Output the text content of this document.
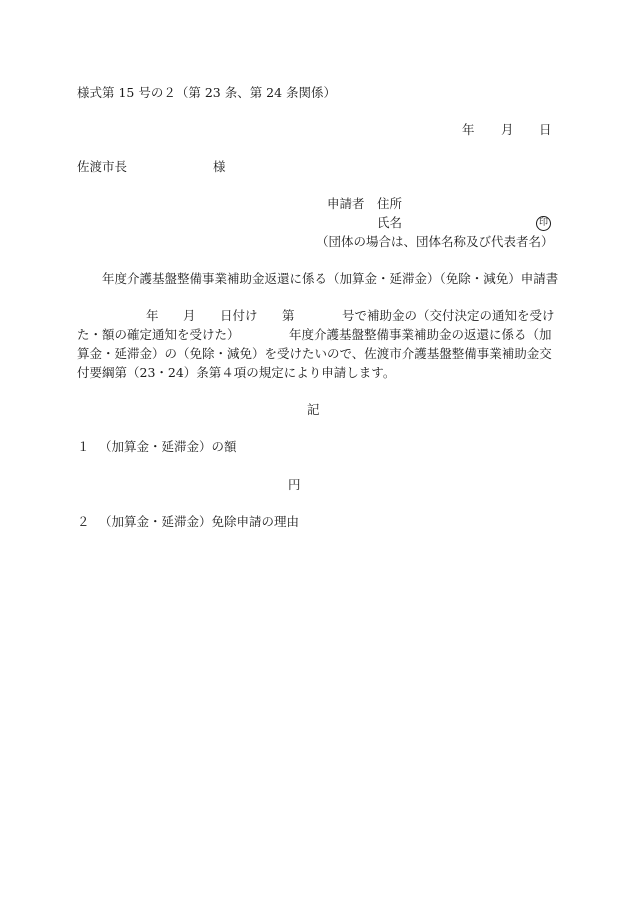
様式第 15 号の２（第 23 条、第 24 条関係）
年 月 日
佐渡市長	様
申請者 住所
氏名	印
（団体の場合は、団体名称及び代表者名）
年度介護基盤整備事業補助金返還に係る（加算金・延滞金）（免除・減免）申請書
年 月 日付け 第	号で補助金の（交付決定の通知を受け
た・額の確定通知を受けた）	年度介護基盤整備事業補助金の返還に係る（加
算金・延滞金）の（免除・減免）を受けたいので、佐渡市介護基盤整備事業補助金交
付要綱第（23・24）条第４項の規定により申請します。
記
１ （加算金・延滞金）の額
円
２ （加算金・延滞金）免除申請の理由
